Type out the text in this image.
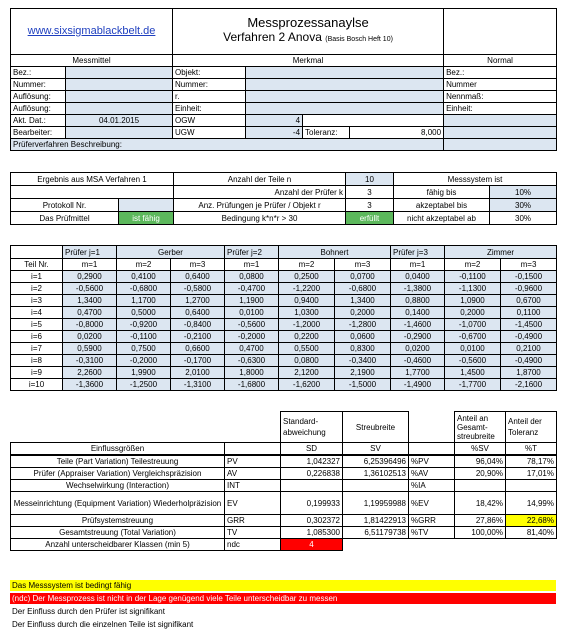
www.sixsigmablackbelt.de		Messprozessanaylse
Verfahren 2 Anova (Basis Bosch Heft 10)				

Messmittel		Merkmal				Normal
Bez.:		Objekt:				Bez.:
Nummer:		Nummer:				Nummer
Auflösung:		r.				Nennmaß:
Auflösung:		Einheit:				Einheit:
Akt. Dat.:	04.01.2015	OGW	4			
Bearbeiter:		UGW	-4	Toleranz:	8,000	
Prüferverfahren Beschreibung:						
Ergebnis aus MSA Verfahren 1		Anzahl der Teile n	10	Messsystem ist	
		Anzahl der Prüfer k	3	fähig bis	10%
Protokoll Nr.		Anz. Prüfungen je Prüfer / Objekt r	3	akzeptabel bis	30%
Das Prüfmittel	ist fähig	Bedingung k*n*r > 30	erfüllt	nicht akzeptabel ab	30%
	Prüfer j=1	Gerber		Prüfer j=2	Bohnert		Prüfer j=3	Zimmer	
Teil Nr.	m=1	m=2	m=3	m=1	m=2	m=3	m=1	m=2	m=3
i=1	0,2900	0,4100	0,6400	0,0800	0,2500	0,0700	0,0400	-0,1100	-0,1500
i=2	-0,5600	-0,6800	-0,5800	-0,4700	-1,2200	-0,6800	-1,3800	-1,1300	-0,9600
i=3	1,3400	1,1700	1,2700	1,1900	0,9400	1,3400	0,8800	1,0900	0,6700
i=4	0,4700	0,5000	0,6400	0,0100	1,0300	0,2000	0,1400	0,2000	0,1100
i=5	-0,8000	-0,9200	-0,8400	-0,5600	-1,2000	-1,2800	-1,4600	-1,0700	-1,4500
i=6	0,0200	-0,1100	-0,2100	-0,2000	0,2200	0,0600	-0,2900	-0,6700	-0,4900
i=7	0,5900	0,7500	0,6600	0,4700	0,5500	0,8300	0,0200	0,0100	0,2100
i=8	-0,3100	-0,2000	-0,1700	-0,6300	0,0800	-0,3400	-0,4600	-0,5600	-0,4900
i=9	2,2600	1,9900	2,0100	1,8000	2,1200	2,1900	1,7700	1,4500	1,8700
i=10	-1,3600	-1,2500	-1,3100	-1,6800	-1,6200	-1,5000	-1,4900	-1,7700	-2,1600
		Standard-abweichung	Streubreite		Anteil an Gesamt-streubreite	Anteil der Toleranz
Einflussgrößen		SD	SV		%SV	%T
Teile (Part Variation) Teilestreuung	PV	1,042327	6,25396496	%PV	96,04%	78,17%
Prüfer (Appraiser Variation) Vergleichspräzision	AV	0,226838	1,36102513	%AV	20,90%	17,01%
Wechselwirkung (Interaction)	INT			%IA		
Messeinrichtung (Equipment Variation) Wiederholpräzision	EV	0,199933	1,19959988	%EV	18,42%	14,99%
Prüfsystemstreuung	GRR	0,302372	1,81422913	%GRR	27,86%	22,68%
Gesamtstreuung (Total Variation)	TV	1,085300	6,51179738	%TV	100,00%	81,40%
Anzahl unterscheidbarer Klassen (min 5)	ndc	4				
Das Messsystem ist bedingt fähig
(ndc) Der Messprozess ist nicht in der Lage genügend viele Teile unterscheidbar zu messen
Der Einfluss durch den Prüfer ist signifikant
Der Einfluss durch die einzelnen Teile ist signifikant
